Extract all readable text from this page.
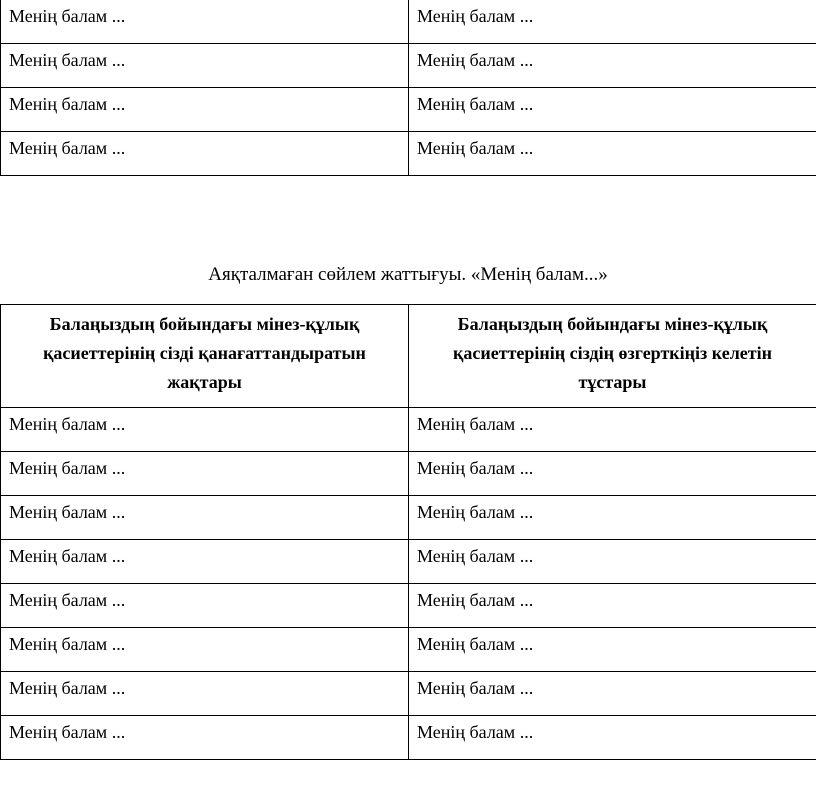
Менің балам ...	Менің балам ...
Менің балам ...	Менің балам ...
Менің балам ...	Менің балам ...
Менің балам ...	Менің балам ...
Аяқталмаған сөйлем жаттығуы. «Менің балам...»
Балаңыздың бойындағы мінез-құлық қасиеттерінің сізді қанағаттандыратын жақтары	Балаңыздың бойындағы мінез-құлық қасиеттерінің сіздің өзгерткіңіз келетін тұстары
Менің балам ...	Менің балам ...
Менің балам ...	Менің балам ...
Менің балам ...	Менің балам ...
Менің балам ...	Менің балам ...
Менің балам ...	Менің балам ...
Менің балам ...	Менің балам ...
Менің балам ...	Менің балам ...
Менің балам ...	Менің балам ...
